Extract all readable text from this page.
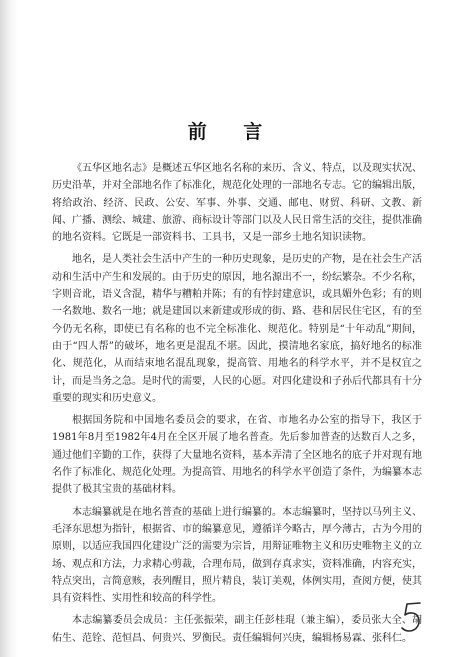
前 言

《五华区地名志》是概述五华区地名名称的来历、含义、特点，以及现实状况、历史沿革，并对全部地名作了标准化，规范化处理的一部地名专志。它的编辑出版，将给政治、经济、民政、公安、军事、外事、交通、邮电、财贸、科研、文教、新闻、广播、测绘、城建、旅游、商标设计等部门以及人民日常生活的交往，提供准确的地名资料。它既是一部资料书、工具书，又是一部乡土地名知识读物。

地名，是人类社会生活中产生的一种历史现象，是历史的产物，是在社会生产活动和生活中产生和发展的。由于历史的原因，地名源出不一，纷纭繁杂。不少名称，字则音讹，语义含混，精华与糟粕并陈；有的有悖封建意识，或具媚外色彩；有的则一名数地、数名一地；就是建国以来新建或形成的街、路、巷和居民住宅区，有的至今仍无名称，即使已有名称的也不完全标准化、规范化。特别是“十年动乱”期间，由于“四人帮”的破坏，地名更是混乱不堪。因此，摸清地名家底，搞好地名的标准化、规范化，从而结束地名混乱现象，提高管、用地名的科学水平，并不是权宜之计，而是当务之急。是时代的需要，人民的心愿。对四化建设和子孙后代都具有十分重要的现实和历史意义。

根据国务院和中国地名委员会的要求，在省、市地名办公室的指导下，我区于1981年8月至1982年4月在全区开展了地名普查。先后参加普查的达数百人之多，通过他们辛勤的工作，获得了大量地名资料，基本弄清了全区地名的底子并对现有地名作了标准化、规范化处理。为提高管、用地名的科学水平创造了条件，为编纂本志提供了极其宝贵的基础材料。

本志编纂就是在地名普查的基础上进行编纂的。本志编纂时，坚持以马列主义、毛泽东思想为指针，根据省、市的编纂意见，遵循详今略古，厚今薄古，古为今用的原则，以适应我国四化建设广泛的需要为宗旨，用辩证唯物主义和历史唯物主义的立场、观点和方法，力求精心剪裁，合理布局，做到存真求实，资料准确，内容充实，特点突出，言简意赅，表列醒目，照片精良，装订美观，体例实用，查阅方便，使其具有资料性、实用性和较高的科学性。

本志编纂委员会成员：主任张振荣，副主任彭桂琨（兼主编），委员张大全、胡佑生、范铨、范恒昌、何贵兴、罗衡民。责任编辑何兴庚，编辑杨易霖、张科仁。
